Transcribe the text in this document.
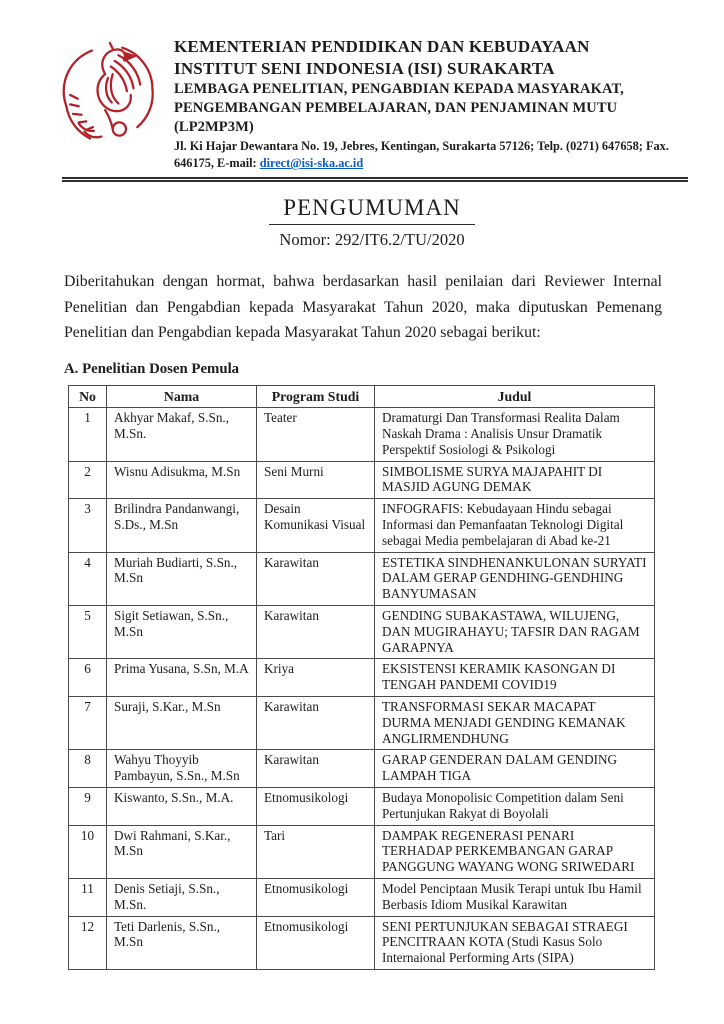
KEMENTERIAN PENDIDIKAN DAN KEBUDAYAAN
INSTITUT SENI INDONESIA (ISI) SURAKARTA
LEMBAGA PENELITIAN, PENGABDIAN KEPADA MASYARAKAT,
PENGEMBANGAN PEMBELAJARAN, DAN PENJAMINAN MUTU (LP2MP3M)
Jl. Ki Hajar Dewantara No. 19, Jebres, Kentingan, Surakarta 57126; Telp. (0271) 647658; Fax. 646175, E-mail: direct@isi-ska.ac.id
PENGUMUMAN
Nomor: 292/IT6.2/TU/2020

Diberitahukan dengan hormat, bahwa berdasarkan hasil penilaian dari Reviewer Internal Penelitian dan Pengabdian kepada Masyarakat Tahun 2020, maka diputuskan Pemenang Penelitian dan Pengabdian kepada Masyarakat Tahun 2020 sebagai berikut:

A. Penelitian Dosen Pemula
No	Nama	Program Studi	Judul
1	Akhyar Makaf, S.Sn., M.Sn.	Teater	Dramaturgi Dan Transformasi Realita Dalam Naskah Drama : Analisis Unsur Dramatik Perspektif Sosiologi & Psikologi
2	Wisnu Adisukma, M.Sn	Seni Murni	SIMBOLISME SURYA MAJAPAHIT DI MASJID AGUNG DEMAK
3	Brilindra Pandanwangi, S.Ds., M.Sn	Desain Komunikasi Visual	INFOGRAFIS: Kebudayaan Hindu sebagai Informasi dan Pemanfaatan Teknologi Digital sebagai Media pembelajaran di Abad ke-21
4	Muriah Budiarti, S.Sn., M.Sn	Karawitan	ESTETIKA SINDHENANKULONAN SURYATI DALAM GERAP GENDHING-GENDHING BANYUMASAN
5	Sigit Setiawan, S.Sn., M.Sn	Karawitan	GENDING SUBAKASTAWA, WILUJENG, DAN MUGIRAHAYU; TAFSIR DAN RAGAM GARAPNYA
6	Prima Yusana, S.Sn, M.A	Kriya	EKSISTENSI KERAMIK KASONGAN DI TENGAH PANDEMI COVID19
7	Suraji, S.Kar., M.Sn	Karawitan	TRANSFORMASI SEKAR MACAPAT DURMA MENJADI GENDING KEMANAK ANGLIRMENDHUNG
8	Wahyu Thoyyib Pambayun, S.Sn., M.Sn	Karawitan	GARAP GENDERAN DALAM GENDING LAMPAH TIGA
9	Kiswanto, S.Sn., M.A.	Etnomusikologi	Budaya Monopolisic Competition dalam Seni Pertunjukan Rakyat di Boyolali
10	Dwi Rahmani, S.Kar., M.Sn	Tari	DAMPAK REGENERASI PENARI TERHADAP PERKEMBANGAN GARAP PANGGUNG WAYANG WONG SRIWEDARI
11	Denis Setiaji, S.Sn., M.Sn.	Etnomusikologi	Model Penciptaan Musik Terapi untuk Ibu Hamil Berbasis Idiom Musikal Karawitan
12	Teti Darlenis, S.Sn., M.Sn	Etnomusikologi	SENI PERTUNJUKAN SEBAGAI STRAEGI PENCITRAAN KOTA (Studi Kasus Solo Internaional Performing Arts (SIPA)
